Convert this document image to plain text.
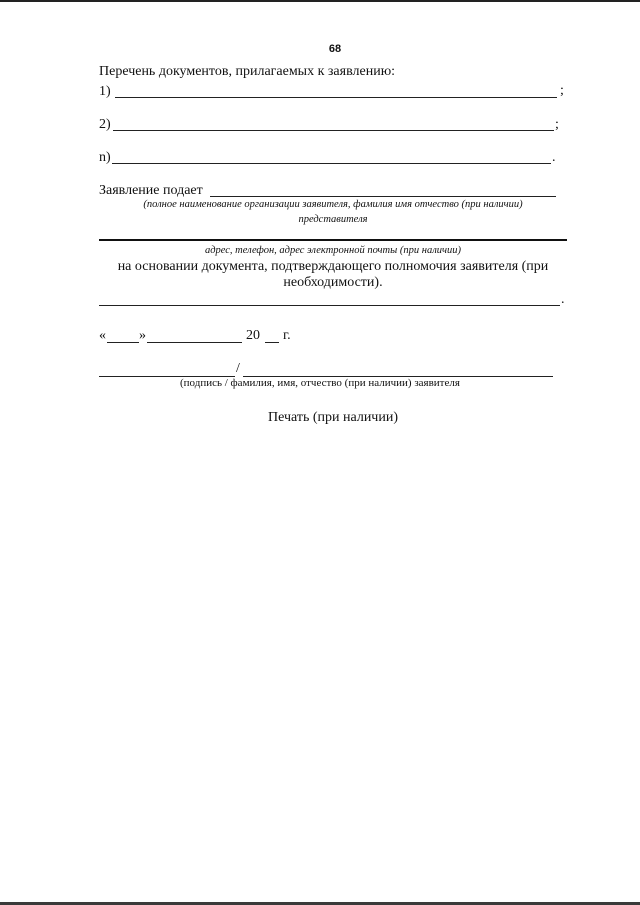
68
Перечень документов, прилагаемых к заявлению:
1)	;
2)	;
n)	.
Заявление подает
(полное наименование организации заявителя, фамилия имя отчество (при наличии)
представителя
адрес, телефон, адрес электронной почты (при наличии)
на основании документа, подтверждающего полномочия заявителя (при
необходимости).
.
« »	20 г.
/
(подпись / фамилия, имя, отчество (при наличии) заявителя
Печать (при наличии)
